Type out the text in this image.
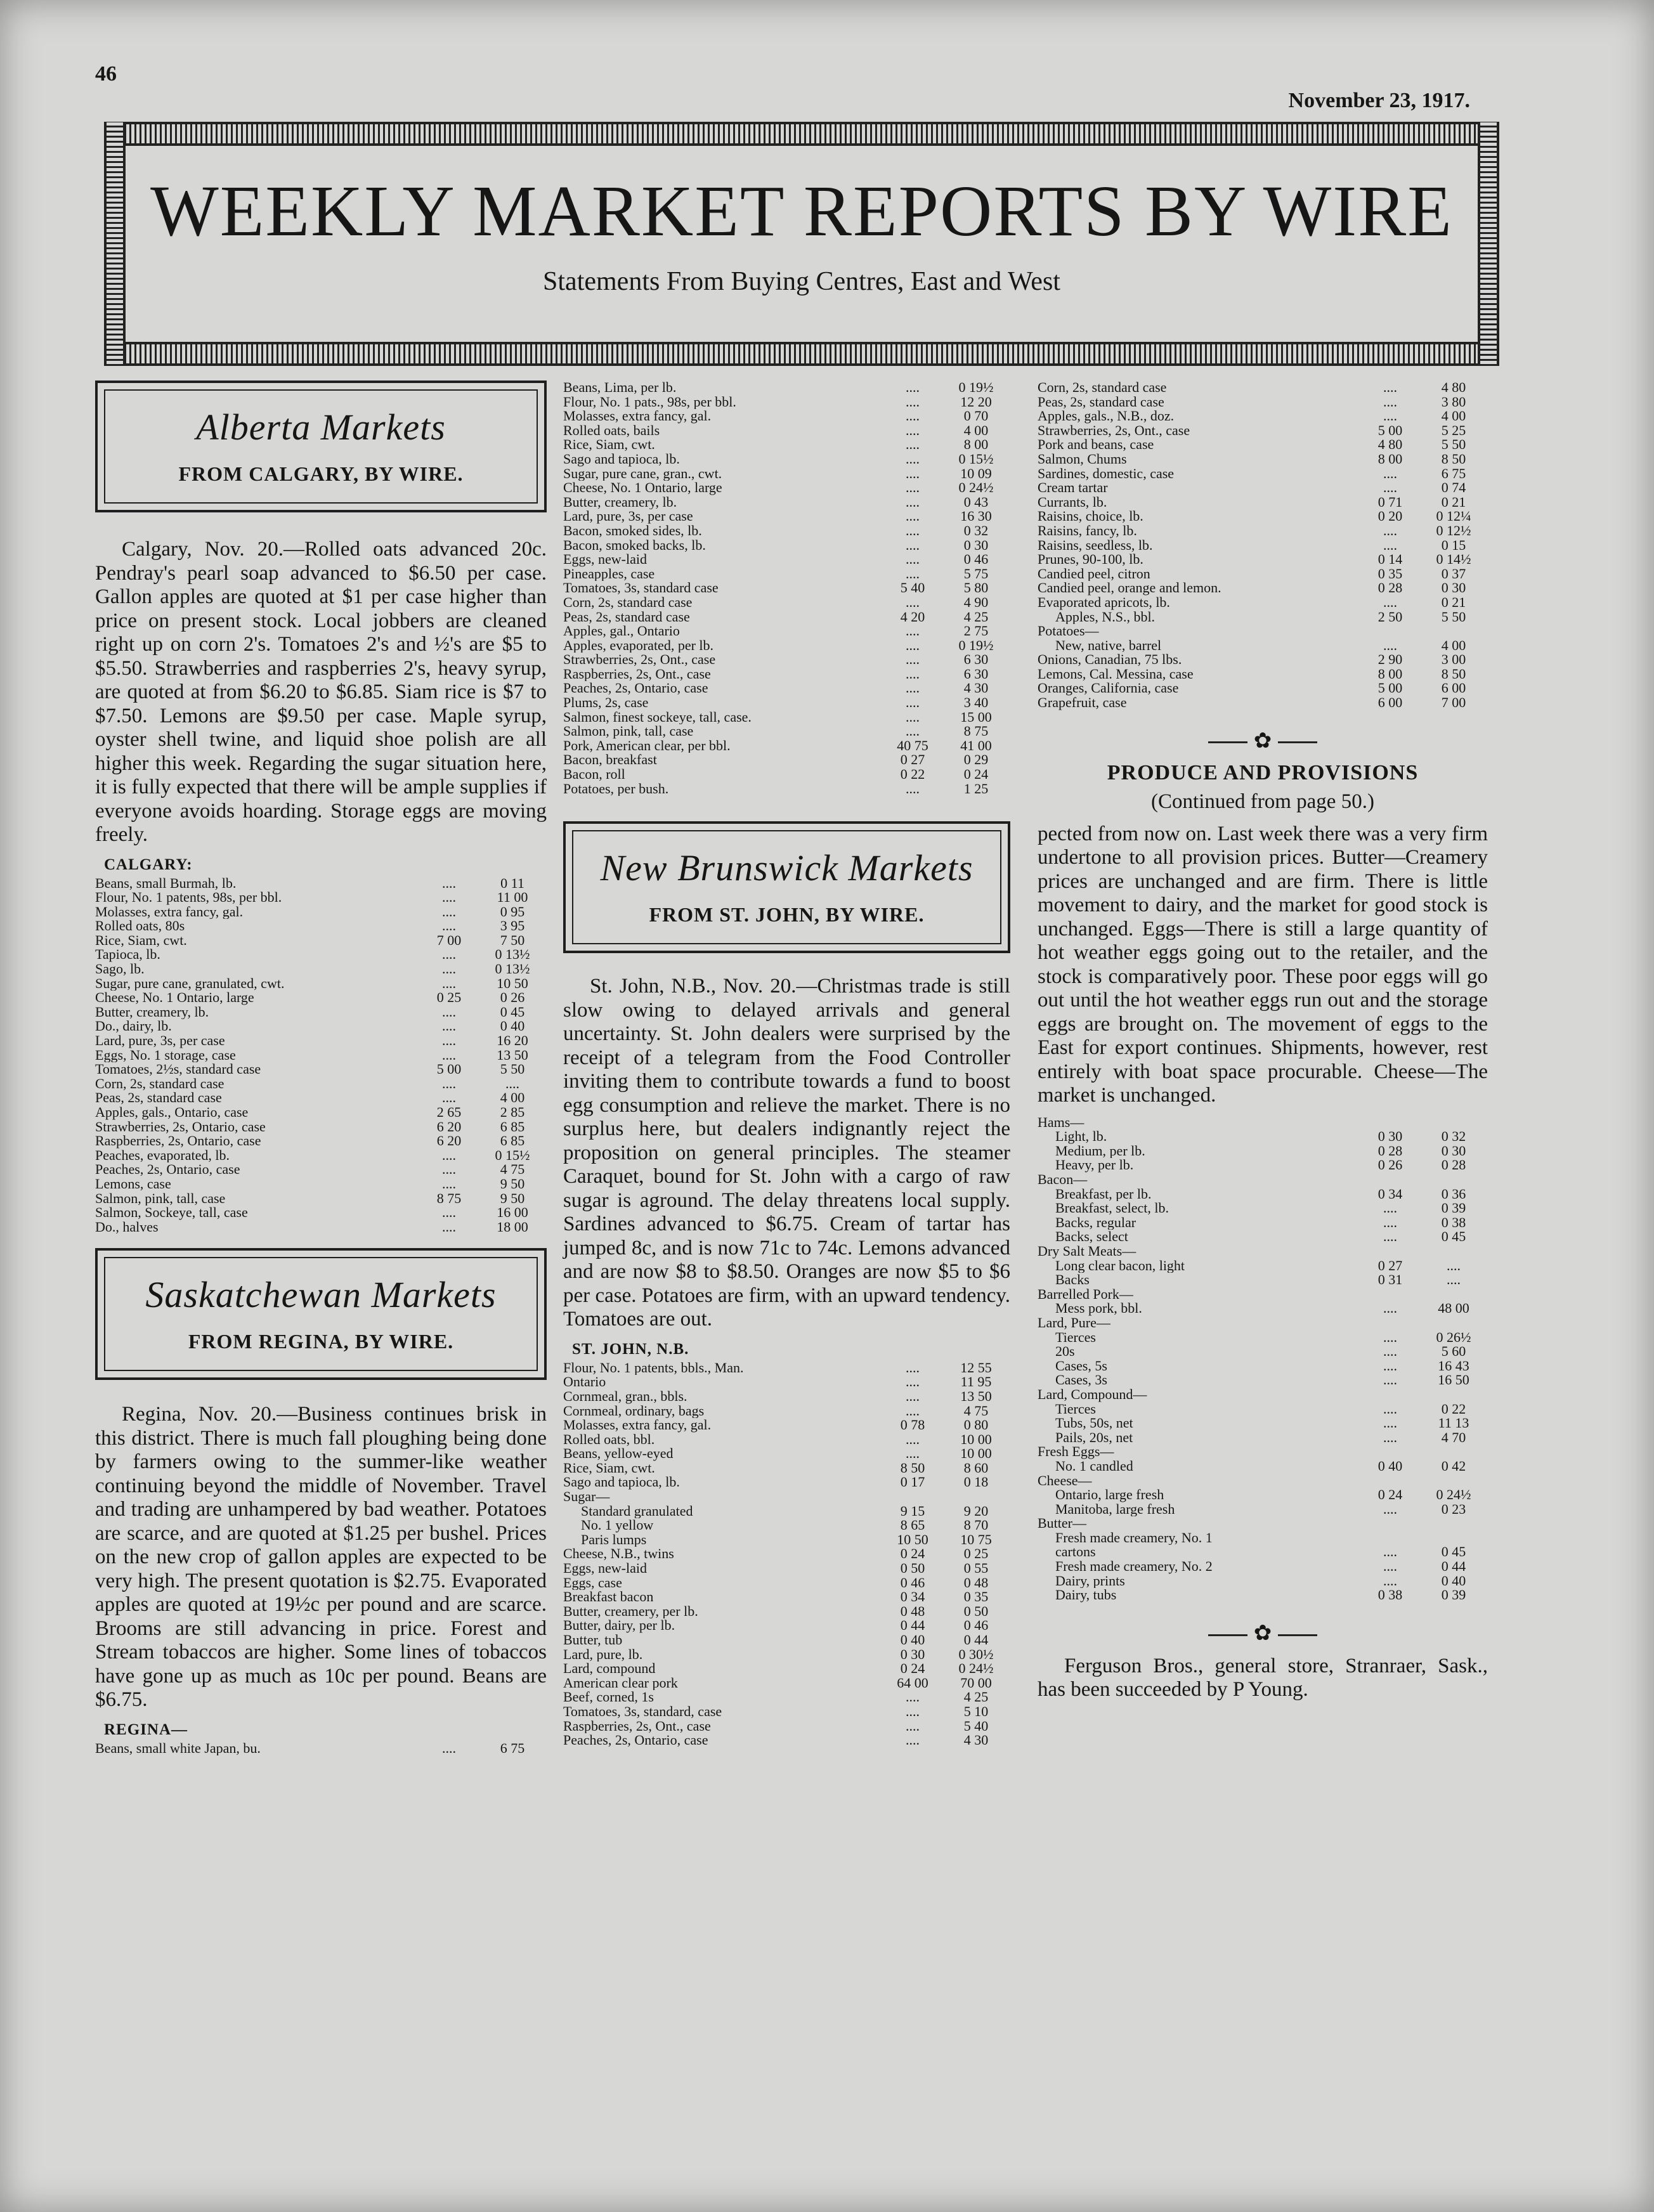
46
November 23, 1917.
WEEKLY MARKET REPORTS BY WIRE
Statements From Buying Centres, East and West
Alberta Markets
FROM CALGARY, BY WIRE.

Calgary, Nov. 20.—Rolled oats advanced 20c. Pendray's pearl soap advanced to $6.50 per case. Gallon apples are quoted at $1 per case higher than price on present stock. Local jobbers are cleaned right up on corn 2's. Tomatoes 2's and ½'s are $5 to $5.50. Strawberries and raspberries 2's, heavy syrup, are quoted at from $6.20 to $6.85. Siam rice is $7 to $7.50. Lemons are $9.50 per case. Maple syrup, oyster shell twine, and liquid shoe polish are all higher this week. Regarding the sugar situation here, it is fully expected that there will be ample supplies if everyone avoids hoarding. Storage eggs are moving freely.

CALGARY:
Beans, small Burmah, lb.	....	0 11
Flour, No. 1 patents, 98s, per bbl.	....	11 00
Molasses, extra fancy, gal.	....	0 95
Rolled oats, 80s	....	3 95
Rice, Siam, cwt.	7 00	7 50
Tapioca, lb.	....	0 13½
Sago, lb.	....	0 13½
Sugar, pure cane, granulated, cwt.	....	10 50
Cheese, No. 1 Ontario, large	0 25	0 26
Butter, creamery, lb.	....	0 45
Do., dairy, lb.	....	0 40
Lard, pure, 3s, per case	....	16 20
Eggs, No. 1 storage, case	....	13 50
Tomatoes, 2½s, standard case	5 00	5 50
Corn, 2s, standard case	....	....
Peas, 2s, standard case	....	4 00
Apples, gals., Ontario, case	2 65	2 85
Strawberries, 2s, Ontario, case	6 20	6 85
Raspberries, 2s, Ontario, case	6 20	6 85
Peaches, evaporated, lb.	....	0 15½
Peaches, 2s, Ontario, case	....	4 75
Lemons, case	....	9 50
Salmon, pink, tall, case	8 75	9 50
Salmon, Sockeye, tall, case	....	16 00
Do., halves	....	18 00
Saskatchewan Markets
FROM REGINA, BY WIRE.

Regina, Nov. 20.—Business continues brisk in this district. There is much fall ploughing being done by farmers owing to the summer-like weather continuing beyond the middle of November. Travel and trading are unhampered by bad weather. Potatoes are scarce, and are quoted at $1.25 per bushel. Prices on the new crop of gallon apples are expected to be very high. The present quotation is $2.75. Evaporated apples are quoted at 19½c per pound and are scarce. Brooms are still advancing in price. Forest and Stream tobaccos are higher. Some lines of tobaccos have gone up as much as 10c per pound. Beans are $6.75.

REGINA—
Beans, small white Japan, bu.	....	6 75
Beans, Lima, per lb.	....	0 19½
Flour, No. 1 pats., 98s, per bbl.	....	12 20
Molasses, extra fancy, gal.	....	0 70
Rolled oats, bails	....	4 00
Rice, Siam, cwt.	....	8 00
Sago and tapioca, lb.	....	0 15½
Sugar, pure cane, gran., cwt.	....	10 09
Cheese, No. 1 Ontario, large	....	0 24½
Butter, creamery, lb.	....	0 43
Lard, pure, 3s, per case	....	16 30
Bacon, smoked sides, lb.	....	0 32
Bacon, smoked backs, lb.	....	0 30
Eggs, new-laid	....	0 46
Pineapples, case	....	5 75
Tomatoes, 3s, standard case	5 40	5 80
Corn, 2s, standard case	....	4 90
Peas, 2s, standard case	4 20	4 25
Apples, gal., Ontario	....	2 75
Apples, evaporated, per lb.	....	0 19½
Strawberries, 2s, Ont., case	....	6 30
Raspberries, 2s, Ont., case	....	6 30
Peaches, 2s, Ontario, case	....	4 30
Plums, 2s, case	....	3 40
Salmon, finest sockeye, tall, case.	....	15 00
Salmon, pink, tall, case	....	8 75
Pork, American clear, per bbl.	40 75	41 00
Bacon, breakfast	0 27	0 29
Bacon, roll	0 22	0 24
Potatoes, per bush.	....	1 25
New Brunswick Markets
FROM ST. JOHN, BY WIRE.

St. John, N.B., Nov. 20.—Christmas trade is still slow owing to delayed arrivals and general uncertainty. St. John dealers were surprised by the receipt of a telegram from the Food Controller inviting them to contribute towards a fund to boost egg consumption and relieve the market. There is no surplus here, but dealers indignantly reject the proposition on general principles. The steamer Caraquet, bound for St. John with a cargo of raw sugar is aground. The delay threatens local supply. Sardines advanced to $6.75. Cream of tartar has jumped 8c, and is now 71c to 74c. Lemons advanced and are now $8 to $8.50. Oranges are now $5 to $6 per case. Potatoes are firm, with an upward tendency. Tomatoes are out.

ST. JOHN, N.B.
Flour, No. 1 patents, bbls., Man.	....	12 55
Ontario	....	11 95
Cornmeal, gran., bbls.	....	13 50
Cornmeal, ordinary, bags	....	4 75
Molasses, extra fancy, gal.	0 78	0 80
Rolled oats, bbl.	....	10 00
Beans, yellow-eyed	....	10 00
Rice, Siam, cwt.	8 50	8 60
Sago and tapioca, lb.	0 17	0 18
Sugar—		
Standard granulated	9 15	9 20
No. 1 yellow	8 65	8 70
Paris lumps	10 50	10 75
Cheese, N.B., twins	0 24	0 25
Eggs, new-laid	0 50	0 55
Eggs, case	0 46	0 48
Breakfast bacon	0 34	0 35
Butter, creamery, per lb.	0 48	0 50
Butter, dairy, per lb.	0 44	0 46
Butter, tub	0 40	0 44
Lard, pure, lb.	0 30	0 30½
Lard, compound	0 24	0 24½
American clear pork	64 00	70 00
Beef, corned, 1s	....	4 25
Tomatoes, 3s, standard, case	....	5 10
Raspberries, 2s, Ont., case	....	5 40
Peaches, 2s, Ontario, case	....	4 30
Corn, 2s, standard case	....	4 80
Peas, 2s, standard case	....	3 80
Apples, gals., N.B., doz.	....	4 00
Strawberries, 2s, Ont., case	5 00	5 25
Pork and beans, case	4 80	5 50
Salmon, Chums	8 00	8 50
Sardines, domestic, case	....	6 75
Cream tartar	....	0 74
Currants, lb.	0 71	0 21
Raisins, choice, lb.	0 20	0 12¼
Raisins, fancy, lb.	....	0 12½
Raisins, seedless, lb.	....	0 15
Prunes, 90-100, lb.	0 14	0 14½
Candied peel, citron	0 35	0 37
Candied peel, orange and lemon.	0 28	0 30
Evaporated apricots, lb.	....	0 21
Apples, N.S., bbl.	2 50	5 50
Potatoes—		
New, native, barrel	....	4 00
Onions, Canadian, 75 lbs.	2 90	3 00
Lemons, Cal. Messina, case	8 00	8 50
Oranges, California, case	5 00	6 00
Grapefruit, case	6 00	7 00
✿
PRODUCE AND PROVISIONS
(Continued from page 50.)

pected from now on. Last week there was a very firm undertone to all provision prices. Butter—Creamery prices are unchanged and are firm. There is little movement to dairy, and the market for good stock is unchanged. Eggs—There is still a large quantity of hot weather eggs going out to the retailer, and the stock is comparatively poor. These poor eggs will go out until the hot weather eggs run out and the storage eggs are brought on. The movement of eggs to the East for export continues. Shipments, however, rest entirely with boat space procurable. Cheese—The market is unchanged.

Hams—		
Light, lb.	0 30	0 32
Medium, per lb.	0 28	0 30
Heavy, per lb.	0 26	0 28
Bacon—		
Breakfast, per lb.	0 34	0 36
Breakfast, select, lb.	....	0 39
Backs, regular	....	0 38
Backs, select	....	0 45
Dry Salt Meats—		
Long clear bacon, light	0 27	....
Backs	0 31	....
Barrelled Pork—		
Mess pork, bbl.	....	48 00
Lard, Pure—		
Tierces	....	0 26½
20s	....	5 60
Cases, 5s	....	16 43
Cases, 3s	....	16 50
Lard, Compound—		
Tierces	....	0 22
Tubs, 50s, net	....	11 13
Pails, 20s, net	....	4 70
Fresh Eggs—		
No. 1 candled	0 40	0 42
Cheese—		
Ontario, large fresh	0 24	0 24½
Manitoba, large fresh	....	0 23
Butter—		
Fresh made creamery, No. 1		
cartons	....	0 45
Fresh made creamery, No. 2	....	0 44
Dairy, prints	....	0 40
Dairy, tubs	0 38	0 39
✿

Ferguson Bros., general store, Stranraer, Sask., has been succeeded by P Young.
